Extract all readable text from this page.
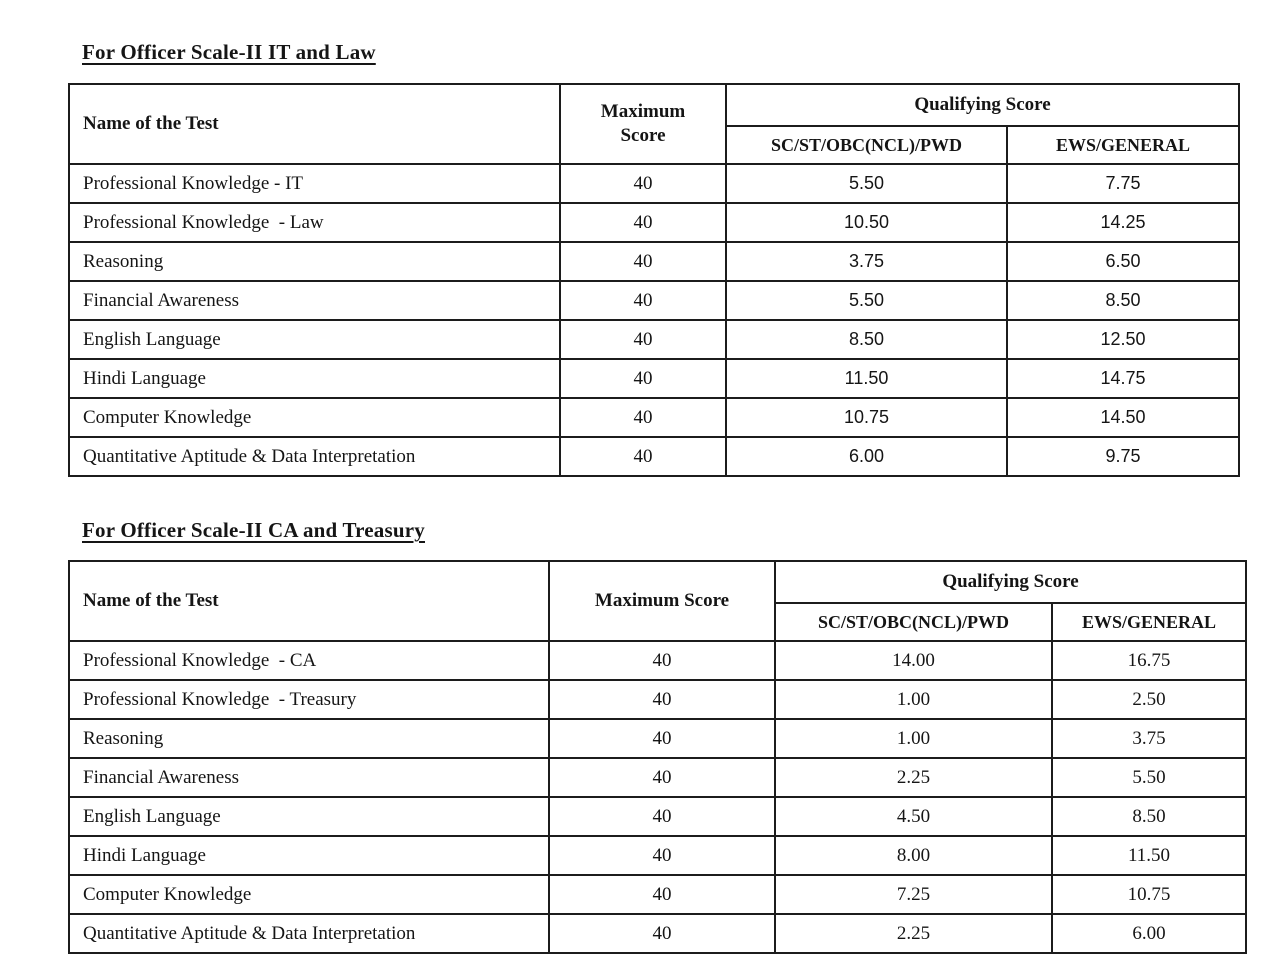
For Officer Scale-II IT and Law
Name of the Test	Maximum Score	Qualifying Score	
		SC/ST/OBC(NCL)/PWD	EWS/GENERAL
Professional Knowledge - IT	40	5.50	7.75
Professional Knowledge  - Law	40	10.50	14.25
Reasoning	40	3.75	6.50
Financial Awareness	40	5.50	8.50
English Language	40	8.50	12.50
Hindi Language	40	11.50	14.75
Computer Knowledge	40	10.75	14.50
Quantitative Aptitude & Data Interpretation	40	6.00	9.75
For Officer Scale-II CA and Treasury
Name of the Test	Maximum Score	Qualifying Score	
		SC/ST/OBC(NCL)/PWD	EWS/GENERAL
Professional Knowledge  - CA	40	14.00	16.75
Professional Knowledge  - Treasury	40	1.00	2.50
Reasoning	40	1.00	3.75
Financial Awareness	40	2.25	5.50
English Language	40	4.50	8.50
Hindi Language	40	8.00	11.50
Computer Knowledge	40	7.25	10.75
Quantitative Aptitude & Data Interpretation	40	2.25	6.00
